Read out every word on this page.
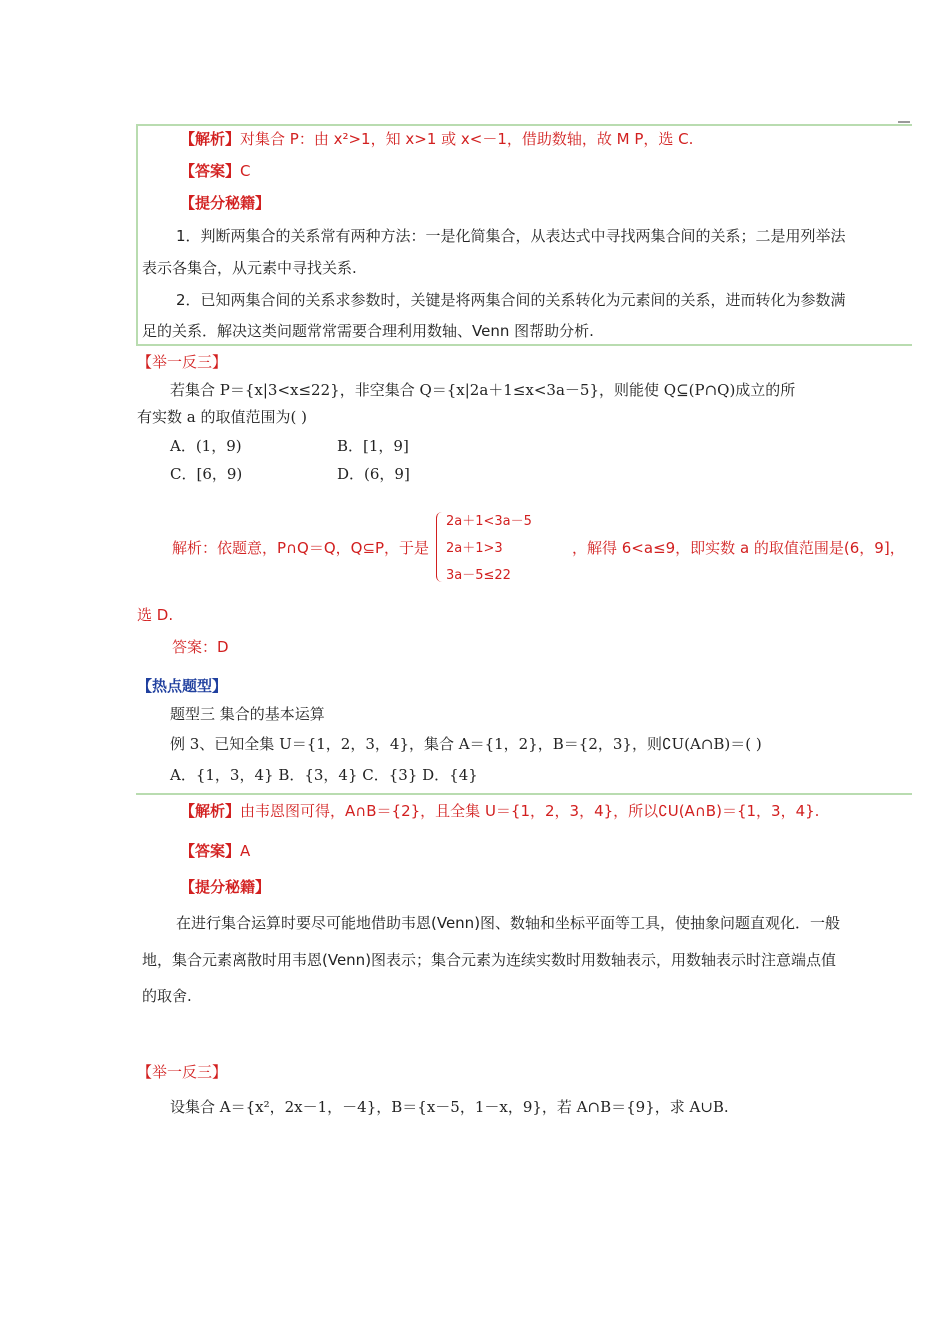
【解析】对集合 P：由 x²>1，知 x>1 或 x<－1，借助数轴，故 M P，选 C.
【答案】C
【提分秘籍】
1．判断两集合的关系常有两种方法：一是化简集合，从表达式中寻找两集合间的关系；二是用列举法
表示各集合，从元素中寻找关系.
2．已知两集合间的关系求参数时，关键是将两集合间的关系转化为元素间的关系，进而转化为参数满
足的关系．解决这类问题常常需要合理利用数轴、Venn 图帮助分析.
【举一反三】
若集合 P＝{x|3<x≤22}，非空集合 Q＝{x|2a＋1≤x<3a－5}，则能使 Q⊆(P∩Q)成立的所
有实数 a 的取值范围为( )
A．(1，9)	B．[1，9]
C．[6，9)	D．(6，9]
解析：依题意，P∩Q＝Q，Q⊆P，于是
2a＋1<3a－5
2a＋1>3
3a－5≤22
，解得 6<a≤9，即实数 a 的取值范围是(6，9]，
选 D.
答案：D
【热点题型】
题型三 集合的基本运算
例 3、已知全集 U＝{1，2，3，4}，集合 A＝{1，2}，B＝{2，3}，则∁U(A∩B)＝( )
A．{1，3，4} B．{3，4} C．{3} D．{4}
【解析】由韦恩图可得，A∩B＝{2}，且全集 U＝{1，2，3，4}，所以∁U(A∩B)＝{1，3，4}.
【答案】A
【提分秘籍】
在进行集合运算时要尽可能地借助韦恩(Venn)图、数轴和坐标平面等工具，使抽象问题直观化．一般
地，集合元素离散时用韦恩(Venn)图表示；集合元素为连续实数时用数轴表示，用数轴表示时注意端点值
的取舍.
【举一反三】
设集合 A＝{x²，2x－1，－4}，B＝{x－5，1－x，9}，若 A∩B＝{9}，求 A∪B.
